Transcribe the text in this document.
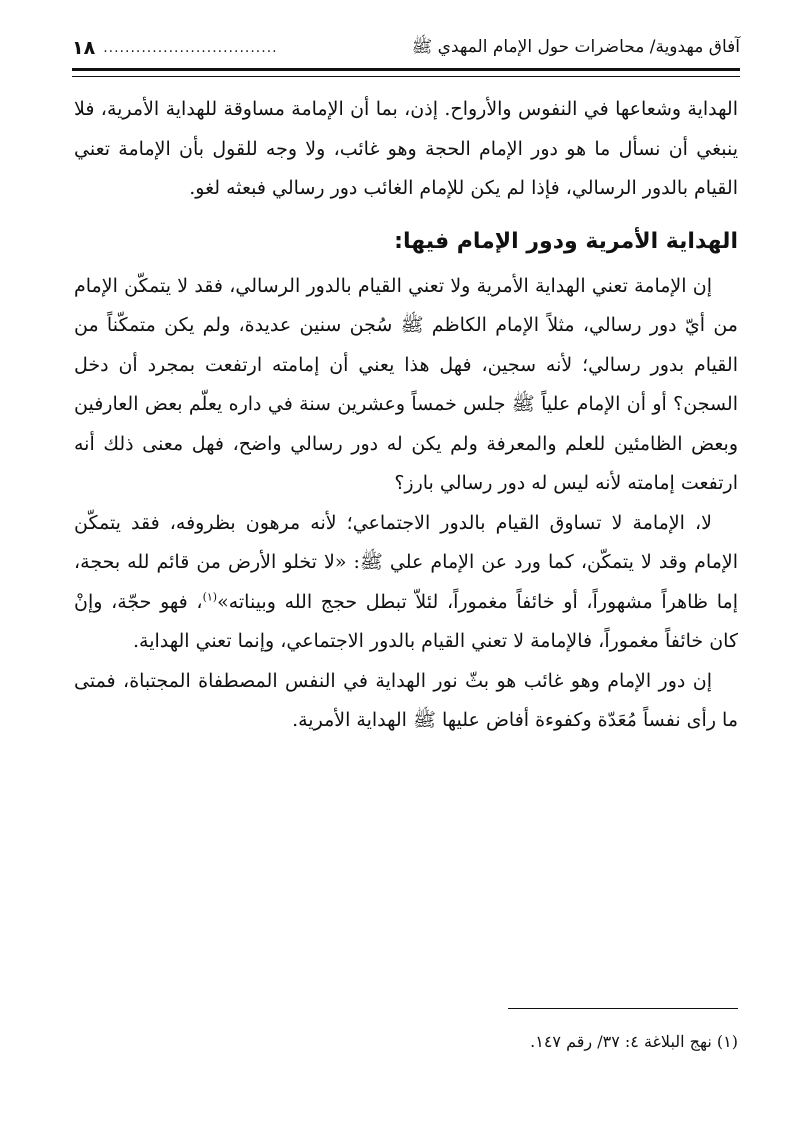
آفاق مهدوية/ محاضرات حول الإمام المهدي ﷺ
................................
١٨

الهداية وشعاعها في النفوس والأرواح. إذن، بما أن الإمامة مساوقة للهداية الأمرية، فلا ينبغي أن نسأل ما هو دور الإمام الحجة وهو غائب، ولا وجه للقول بأن الإمامة تعني القيام بالدور الرسالي، فإذا لم يكن للإمام الغائب دور رسالي فبعثه لغو.

الهداية الأمرية ودور الإمام فيها:

إن الإمامة تعني الهداية الأمرية ولا تعني القيام بالدور الرسالي، فقد لا يتمكّن الإمام من أيّ دور رسالي، مثلاً الإمام الكاظم ﷺ سُجن سنين عديدة، ولم يكن متمكّناً من القيام بدور رسالي؛ لأنه سجين، فهل هذا يعني أن إمامته ارتفعت بمجرد أن دخل السجن؟ أو أن الإمام علياً ﷺ جلس خمساً وعشرين سنة في داره يعلّم بعض العارفين وبعض الظامئين للعلم والمعرفة ولم يكن له دور رسالي واضح، فهل معنى ذلك أنه ارتفعت إمامته لأنه ليس له دور رسالي بارز؟

لا، الإمامة لا تساوق القيام بالدور الاجتماعي؛ لأنه مرهون بظروفه، فقد يتمكّن الإمام وقد لا يتمكّن، كما ورد عن الإمام علي ﷺ: «لا تخلو الأرض من قائم لله بحجة، إما ظاهراً مشهوراً، أو خائفاً مغموراً، لئلاّ تبطل حجج الله وبيناته»$^{(١)}$، فهو حجّة، وإنْ كان خائفاً مغموراً، فالإمامة لا تعني القيام بالدور الاجتماعي، وإنما تعني الهداية.

إن دور الإمام وهو غائب هو بثّ نور الهداية في النفس المصطفاة المجتباة، فمتى ما رأى نفساً مُعَدّة وكفوءة أفاض عليها ﷺ الهداية الأمرية.

(١) نهج البلاغة ٤: ٣٧/ رقم ١٤٧.
